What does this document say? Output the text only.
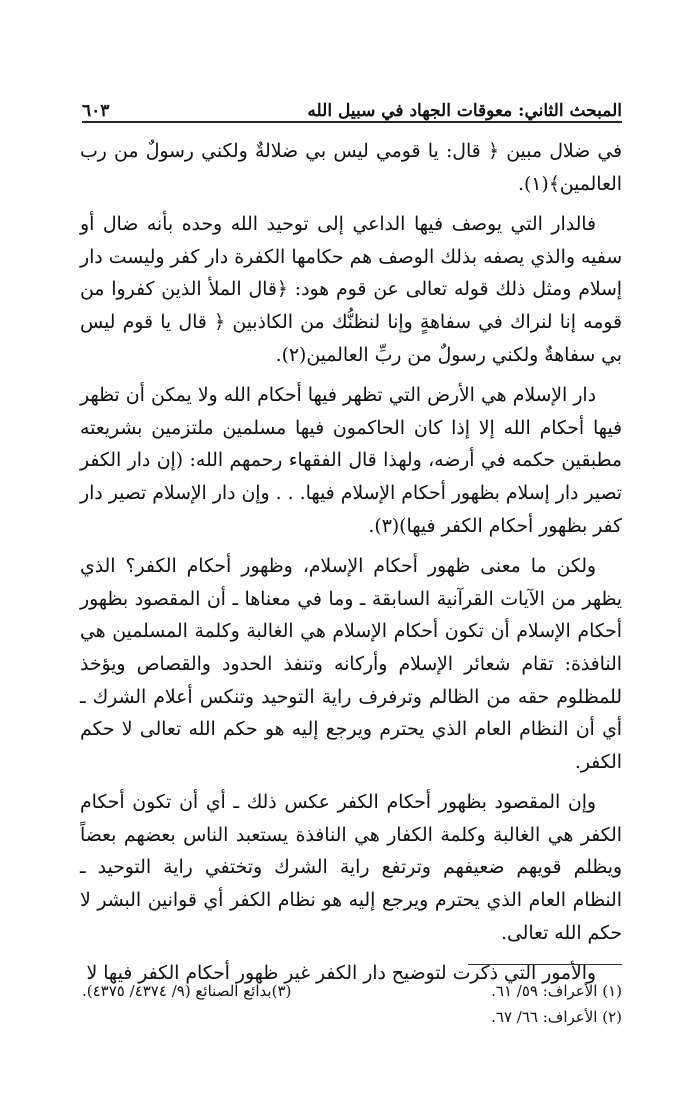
المبحث الثاني: معوقات الجهاد في سبيل الله
٦٠٣

في ضلال مبين ﴿ قال: يا قومي ليس بي ضلالةٌ ولكني رسولٌ من رب العالمين﴾(١).

فالدار التي يوصف فيها الداعي إلى توحيد الله وحده بأنه ضال أو سفيه والذي يصفه بذلك الوصف هم حكامها الكفرة دار كفر وليست دار إسلام ومثل ذلك قوله تعالى عن قوم هود: ﴿قال الملأ الذين كفروا من قومه إنا لنراك في سفاهةٍ وإنا لنظنُّك من الكاذبين ﴿ قال يا قوم ليس بي سفاهةٌ ولكني رسولٌ من ربِّ العالمين(٢).

دار الإسلام هي الأرض التي تظهر فيها أحكام الله ولا يمكن أن تظهر فيها أحكام الله إلا إذا كان الحاكمون فيها مسلمين ملتزمين بشريعته مطبقين حكمه في أرضه، ولهذا قال الفقهاء رحمهم الله: (إن دار الكفر تصير دار إسلام بظهور أحكام الإسلام فيها. . . وإن دار الإسلام تصير دار كفر بظهور أحكام الكفر فيها)(٣).

ولكن ما معنى ظهور أحكام الإسلام، وظهور أحكام الكفر؟ الذي يظهر من الآيات القرآنية السابقة ـ وما في معناها ـ أن المقصود بظهور أحكام الإسلام أن تكون أحكام الإسلام هي الغالبة وكلمة المسلمين هي النافذة: تقام شعائر الإسلام وأركانه وتنفذ الحدود والقصاص ويؤخذ للمظلوم حقه من الظالم وترفرف راية التوحيد وتنكس أعلام الشرك ـ أي أن النظام العام الذي يحترم ويرجع إليه هو حكم الله تعالى لا حكم الكفر.

وإن المقصود بظهور أحكام الكفر عكس ذلك ـ أي أن تكون أحكام الكفر هي الغالبة وكلمة الكفار هي النافذة يستعبد الناس بعضهم بعضاً ويظلم قويهم ضعيفهم وترتفع راية الشرك وتختفي راية التوحيد ـ النظام العام الذي يحترم ويرجع إليه هو نظام الكفر أي قوانين البشر لا حكم الله تعالى.

والأمور التي ذكرت لتوضيح دار الكفر غير ظهور أحكام الكفر فيها لا

(١) الأعراف: ٥٩/ ٦١.
(٢) الأعراف: ٦٦/ ٦٧.
(٣)بدائع الصنائع (٩/ ٤٣٧٤/ ٤٣٧٥).
